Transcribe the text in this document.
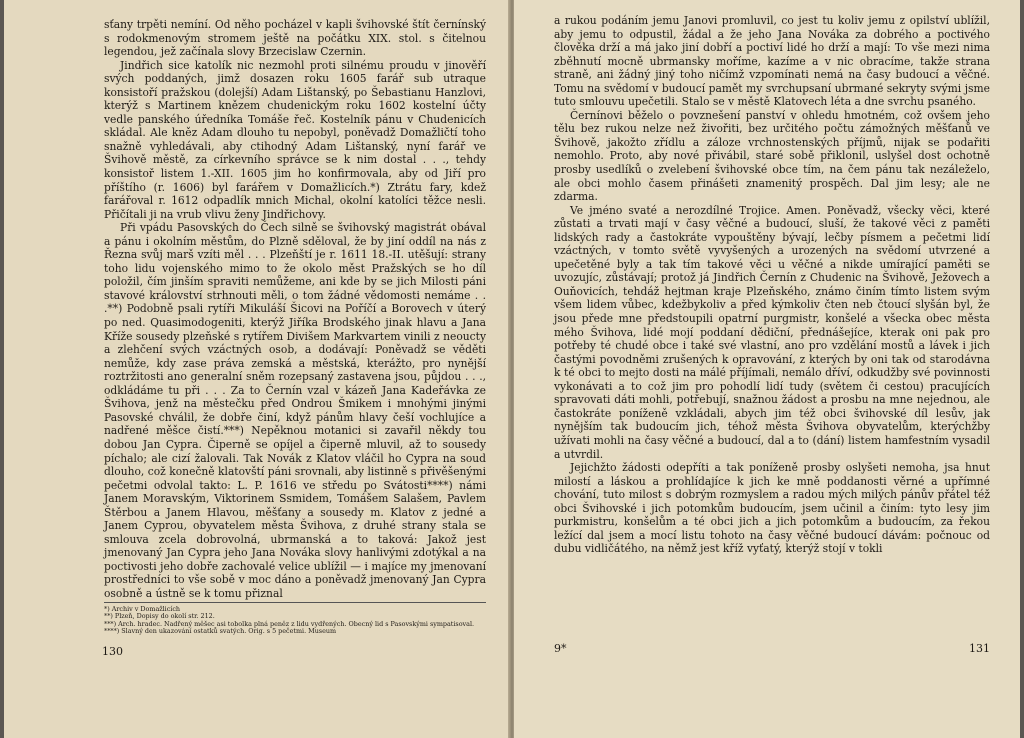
sťany trpěti nemíní. Od něho pocházel v kapli švihovské štít černínský s rodokmenovým stromem ještě na počátku XIX. stol. s čitelnou legendou, jež začínala slovy Brzecislaw Czernin.

Jindřich sice katolík nic nezmohl proti silnému proudu v jinověří svých poddaných, jimž dosazen roku 1605 farář sub utraque konsistoří pražskou (dolejší) Adam Lištanský, po Šebastianu Hanzlovi, kterýž s Martinem knězem chudenickým roku 1602 kostelní účty vedle panského úředníka Tomáše řeč. Kostelník pánu v Chudenicích skládal. Ale kněz Adam dlouho tu nepobyl, poněvadž Domažličtí toho snažně vyhledávali, aby ctihodný Adam Lištanský, nyní farář ve Švihově městě, za církevního správce se k nim dostal . . ., tehdy konsistoř listem 1.-XII. 1605 jim ho konfirmovala, aby od Jiří pro příštího (r. 1606) byl farářem v Domažlicích.*) Ztrátu fary, kdež farářoval r. 1612 odpadlík mnich Michal, okolní katolíci těžce nesli. Přičítali ji na vrub vlivu ženy Jindřichovy.

Při vpádu Pasovských do Čech silně se švihovský magistrát obával a pánu i okolním městům, do Plzně sděloval, že by jiní oddíl na nás z Řezna svůj marš vzíti měl . . . Plzeňští je r. 1611 18.-II. utěšují: strany toho lidu vojenského mimo to že okolo měst Pražských se ho díl položil, čím jinším spraviti nemůžeme, ani kde by se jich Milosti páni stavové království strhnouti měli, o tom žádné vědomosti nemáme . . .**) Podobně psali rytíři Mikuláší Šicovi na Poříčí a Borovech v úterý po ned. Quasimodogeniti, kterýž Jiříka Brodského jinak hlavu a Jana Kříže sousedy plzeňské s rytířem Divišem Markvartem vinili z neoucty a zlehčení svých vzáctných osob, a dodávají: Poněvadž se věděti nemůže, kdy zase práva zemská a městská, kterážto, pro nynější roztržitosti ano generalní sněm rozepsaný zastavena jsou, půjdou . . ., odkládáme tu při . . . Za to Černín vzal v kázeň Jana Kadeřávka ze Švihova, jenž na městečku před Ondrou Šmikem i mnohými jinými Pasovské chválil, že dobře činí, když pánům hlavy češí vochlujíce a nadřené měšce čistí.***) Nepěknou motanici si zavařil někdy tou dobou Jan Cypra. Čiperně se opíjel a čiperně mluvil, až to sousedy píchalo; ale cizí žalovali. Tak Novák z Klatov vláčil ho Cypra na soud dlouho, což konečně klatovští páni srovnali, aby listinně s přivěšenými pečetmi odvolal takto: L. P. 1616 ve středu po Svátosti****) námi Janem Moravským, Viktorinem Ssmidem, Tomášem Salašem, Pavlem Štěrbou a Janem Hlavou, měšťany a sousedy m. Klatov z jedné a Janem Cyprou, obyvatelem města Švihova, z druhé strany stala se smlouva zcela dobrovolná, ubrmanská a to taková: Jakož jest jmenovaný Jan Cypra jeho Jana Nováka slovy hanlivými zdotýkal a na poctivosti jeho dobře zachovalé velice ublížil — i majíce my jmenovaní prostředníci to vše sobě v moc dáno a poněvadž jmenovaný Jan Cypra osobně a ústně se k tomu přiznal

*) Archiv v Domažlicích
**) Plzeň, Dopisy do okolí str. 212.
***) Arch. hradec. Nadřený měšec asi tobolka plná peněz z lidu vydřených. Obecný lid s Pasovskými sympatisoval.
****) Slavný den ukazování ostatků svatých. Orig. s 5 pečetmi. Museum
130

a rukou podáním jemu Janovi promluvil, co jest tu koliv jemu z opilství ublížil, aby jemu to odpustil, žádal a že jeho Jana Nováka za dobrého a poctivého člověka drží a má jako jiní dobří a poctiví lidé ho drží a mají: To vše mezi nima zběhnutí mocně ubrmansky moříme, kazíme a v nic obracíme, takže strana straně, ani žádný jiný toho ničímž vzpomínati nemá na časy budoucí a věčné. Tomu na svědomí v budoucí pamět my svrchupsaní ubrmané sekryty svými jsme tuto smlouvu upečetili. Stalo se v městě Klatovech léta a dne svrchu psaného.

Černínovi běželo o povznešení panství v ohledu hmotném, což ovšem jeho tělu bez rukou nelze než živořiti, bez určitého počtu zámožných měšťanů ve Švihově, jakožto zřídlu a záloze vrchnostenských příjmů, nijak se podařiti nemohlo. Proto, aby nové přivábil, staré sobě přiklonil, uslyšel dost ochotně prosby usedlíků o zvelebení švihovské obce tím, na čem pánu tak nezáleželo, ale obci mohlo časem přinášeti znamenitý prospěch. Dal jim lesy; ale ne zdarma.

Ve jméno svaté a nerozdílné Trojice. Amen. Poněvadž, všecky věci, které zůstati a trvati mají v časy věčné a budoucí, sluší, že takové věci z paměti lidských rady a častokráte vypouštěny bývají, lečby písmem a pečetmi lidí vzáctných, v tomto světě vyvyšených a urozených na svědomí utvrzené a upečetěné byly a tak tím takové věci u věčné a nikde umírající paměti se uvozujíc, zůstávají; protož já Jindřich Černín z Chudenic na Švihově, Ježovech a Ouňovicích, tehdáž hejtman kraje Plzeňského, známo činím tímto listem svým všem lidem vůbec, kdežbykoliv a před kýmkoliv čten neb čtoucí slyšán byl, že jsou přede mne předstoupili opatrní purgmistr, konšelé a všecka obec města mého Švihova, lidé mojí poddaní dědiční, přednášejíce, kterak oni pak pro potřeby té chudé obce i také své vlastní, ano pro vzdělání mostů a lávek i jich častými povodněmi zrušených k opravování, z kterých by oni tak od starodávna k té obci to mejto dosti na málé příjímali, nemálo dříví, odkudžby své povinnosti vykonávati a to což jim pro pohodlí lidí tudy (světem či cestou) pracujících spravovati dáti mohli, potřebují, snažnou žádost a prosbu na mne nejednou, ale častokráte poníženě vzkládali, abych jim též obci švihovské díl lesův, jak nynějším tak budoucím jich, téhož města Švihova obyvatelům, kterýchžby užívati mohli na časy věčné a budoucí, dal a to (dání) listem hamfestním vysadil a utvrdil.

Jejichžto žádosti odepříti a tak poníženě prosby oslyšeti nemoha, jsa hnut milostí a láskou a prohlídajíce k jich ke mně poddanosti věrné a upřímné chování, tuto milost s dobrým rozmyslem a radou mých milých pánův přátel též obci Švihovské i jich potomkům budoucím, jsem učinil a činím: tyto lesy jim purkmistru, konšelům a té obci jich a jich potomkům a budoucím, za řekou ležící dal jsem a mocí listu tohoto na časy věčné budoucí dávám: počnouc od dubu vidličátého, na němž jest kříž vyťatý, kterýž stojí v tokli

9*	131
